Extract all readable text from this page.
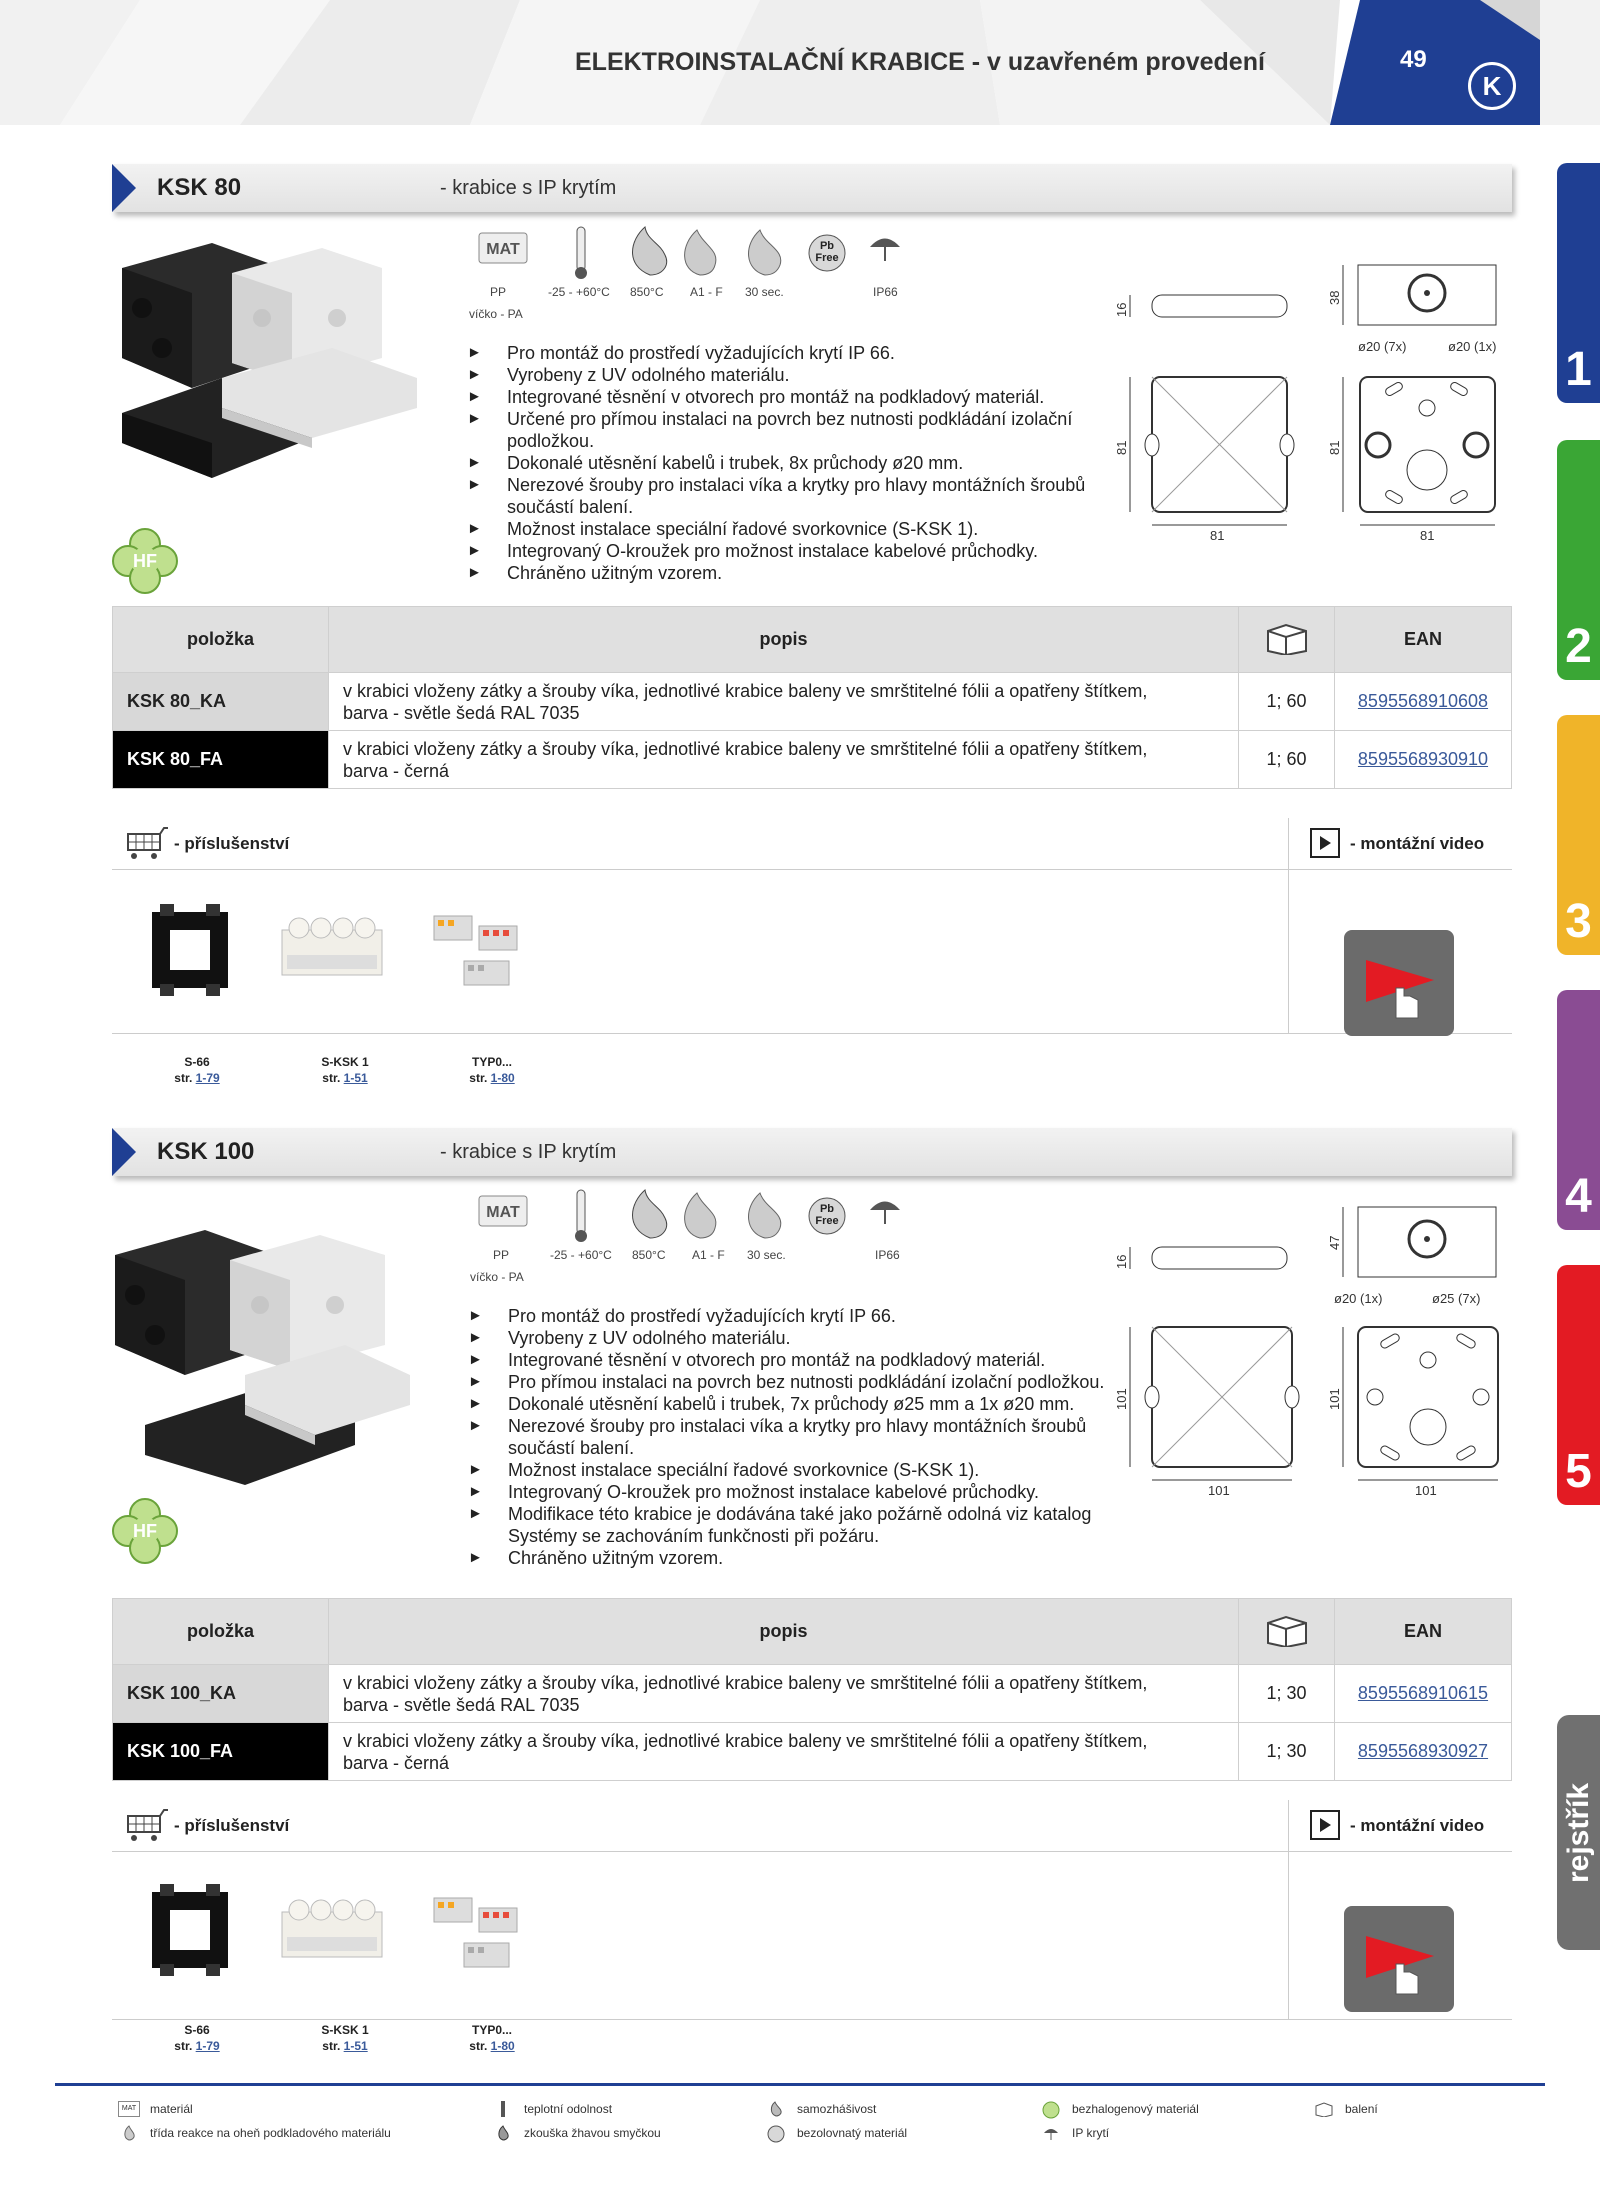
ELEKTROINSTALAČNÍ KRABICE - v uzavřeném provedení	49
K
1
2
3
4
5
rejstřík
KSK 80	- krabice s IP krytím
HF
MAT	Pb
Free
PP
víčko - PA
-25 - +60°C 850°C A1 - F 30 sec.	IP66
► Pro montáž do prostředí vyžadujících krytí IP 66.
► Vyrobeny z UV odolného materiálu.
► Integrované těsnění v otvorech pro montáž na podkladový materiál.
► Určené pro přímou instalaci na povrch bez nutnosti podkládání izolační podložkou.
► Dokonalé utěsnění kabelů i trubek, 8x průchody ø20 mm.
► Nerezové šrouby pro instalaci víka a krytky pro hlavy montážních šroubů součástí balení.
► Možnost instalace speciální řadové svorkovnice (S-KSK 1).
► Integrovaný O-kroužek pro možnost instalace kabelové průchodky.
► Chráněno užitným vzorem.
16
38
ø20 (7x)	ø20 (1x)
81
81
81
81
položka	popis		EAN
KSK 80_KA	v krabici vloženy zátky a šrouby víka, jednotlivé krabice baleny ve smrštitelné fólii a opatřeny štítkem,
barva - světle šedá RAL 7035	1; 60	8595568910608
KSK 80_FA	v krabici vloženy zátky a šrouby víka, jednotlivé krabice baleny ve smrštitelné fólii a opatřeny štítkem,
barva - černá	1; 60	8595568930910
- příslušenství	- montážní video
S-66
str. 1-79
S-KSK 1
str. 1-51
TYP0...
str. 1-80
KSK 100	- krabice s IP krytím
HF
MAT	Pb
Free
PP
víčko - PA
-25 - +60°C 850°C A1 - F 30 sec.	IP66
► Pro montáž do prostředí vyžadujících krytí IP 66.
► Vyrobeny z UV odolného materiálu.
► Integrované těsnění v otvorech pro montáž na podkladový materiál.
► Pro přímou instalaci na povrch bez nutnosti podkládání izolační podložkou.
► Dokonalé utěsnění kabelů i trubek, 7x průchody ø25 mm a 1x ø20 mm.
► Nerezové šrouby pro instalaci víka a krytky pro hlavy montážních šroubů součástí balení.
► Možnost instalace speciální řadové svorkovnice (S-KSK 1).
► Integrovaný O-kroužek pro možnost instalace kabelové průchodky.
► Modifikace této krabice je dodávána také jako požárně odolná viz katalog Systémy se zachováním funkčnosti při požáru.
► Chráněno užitným vzorem.
16
47
ø20 (1x)	ø25 (7x)
101
101
101
101
položka	popis		EAN
KSK 100_KA	v krabici vloženy zátky a šrouby víka, jednotlivé krabice baleny ve smrštitelné fólii a opatřeny štítkem,
barva - světle šedá RAL 7035	1; 30	8595568910615
KSK 100_FA	v krabici vloženy zátky a šrouby víka, jednotlivé krabice baleny ve smrštitelné fólii a opatřeny štítkem,
barva - černá	1; 30	8595568930927
- příslušenství	- montážní video
S-66
str. 1-79
S-KSK 1
str. 1-51
TYP0...
str. 1-80
MAT	materiál	teplotní odolnost	samozhášivost	bezhalogenový materiál	balení
třída reakce na oheň podkladového materiálu	zkouška žhavou smyčkou	bezolovnatý materiál	IP krytí
